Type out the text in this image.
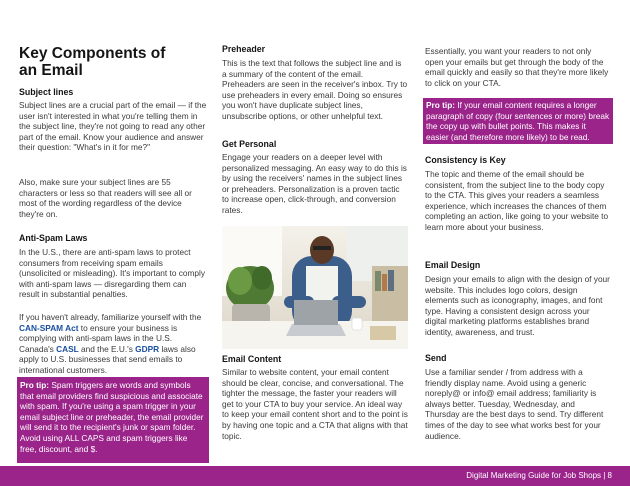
Key Components of
an Email
Subject lines

Subject lines are a crucial part of the email — if the user isn't interested in what you're telling them in the subject line, they're not going to read any other part of the email. Know your audience and answer their question: "What's in it for me?"

Also, make sure your subject lines are 55 characters or less so that readers will see all or most of the wording regardless of the device they're on.

Anti-Spam Laws

In the U.S., there are anti-spam laws to protect consumers from receiving spam emails (unsolicited or misleading). It's important to comply with anti-spam laws — disregarding them can result in substantial penalties.

If you haven't already, familiarize yourself with the CAN-SPAM Act to ensure your business is complying with anti-spam laws in the U.S. Canada's CASL and the E.U.'s GDPR laws also apply to U.S. businesses that send emails to international customers.

Pro tip: Spam triggers are words and symbols that email providers find suspicious and associate with spam. If you're using a spam trigger in your email subject line or preheader, the email provider will send it to the recipient's junk or spam folder. Avoid using ALL CAPS and spam triggers like free, discount, and $.

Preheader

This is the text that follows the subject line and is a summary of the content of the email. Preheaders are seen in the receiver's inbox. Try to use preheaders in every email. Doing so ensures you won't have duplicate subject lines, unsubscribe options, or other unhelpful text.

Get Personal

Engage your readers on a deeper level with personalized messaging. An easy way to do this is by using the receivers' names in the subject lines or preheaders. Personalization is a proven tactic to increase open, click-through, and conversion rates.

Email Content

Similar to website content, your email content should be clear, concise, and conversational. The tighter the message, the faster your readers will get to your CTA to buy your service. An ideal way to keep your email content short and to the point is by having one topic and a CTA that aligns with that topic.

Essentially, you want your readers to not only open your emails but get through the body of the email quickly and easily so that they're more likely to click on your CTA.

Pro tip: If your email content requires a longer paragraph of copy (four sentences or more) break the copy up with bullet points. This makes it easier (and therefore more likely) to be read.

Consistency is Key

The topic and theme of the email should be consistent, from the subject line to the body copy to the CTA. This gives your readers a seamless experience, which increases the chances of them completing an action, like going to your website to learn more about your business.

Email Design

Design your emails to align with the design of your website. This includes logo colors, design elements such as iconography, images, and font type. Having a consistent design across your digital marketing platforms establishes brand identity, awareness, and trust.

Send

Use a familiar sender / from address with a friendly display name. Avoid using a generic noreply@ or info@ email address; familiarity is always better. Tuesday, Wednesday, and Thursday are the best days to send. Try different times of the day to see what works best for your audience.

Digital Marketing Guide for Job Shops | 8
